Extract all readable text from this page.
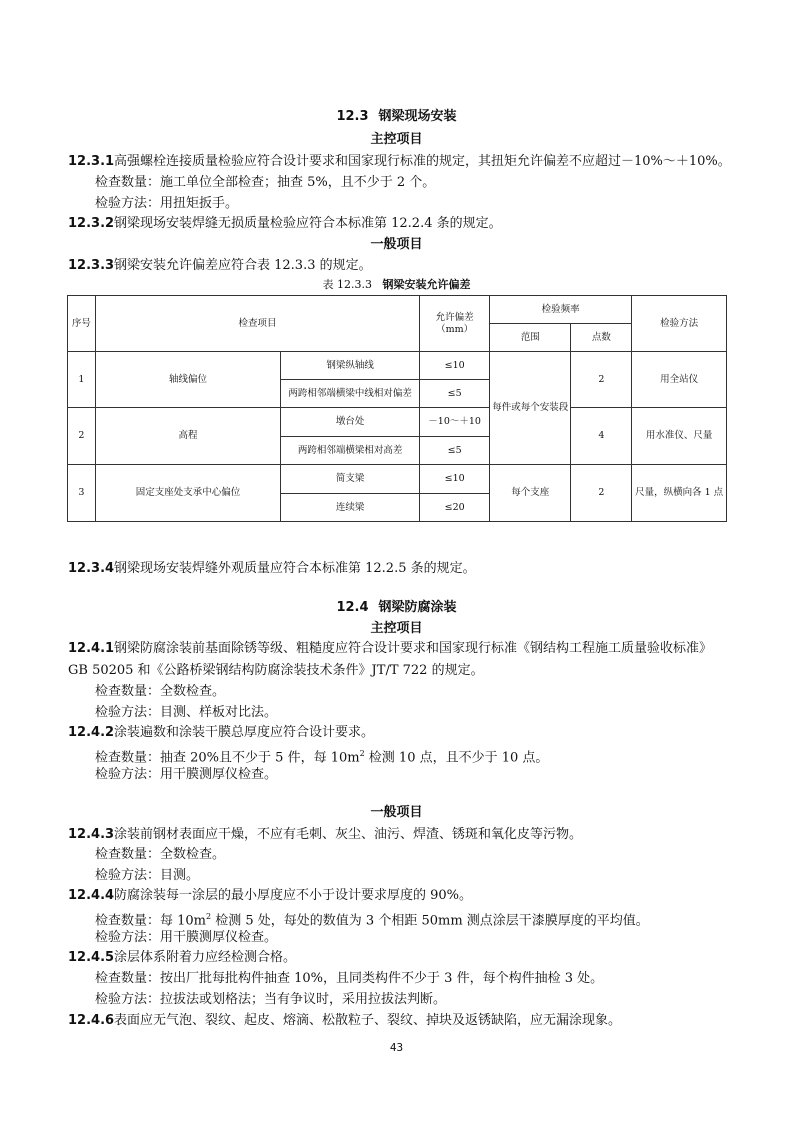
12.3 钢梁现场安装
主控项目
12.3.1高强螺栓连接质量检验应符合设计要求和国家现行标准的规定，其扭矩允许偏差不应超过－10%～＋10%。
检查数量：施工单位全部检查；抽查 5%，且不少于 2 个。
检验方法：用扭矩扳手。
12.3.2钢梁现场安装焊缝无损质量检验应符合本标准第 12.2.4 条的规定。
一般项目
12.3.3钢梁安装允许偏差应符合表 12.3.3 的规定。
表 12.3.3 钢梁安装允许偏差
序号	检查项目		允许偏差（mm）	检验频率		检验方法
				范围	点数	
1	轴线偏位	钢梁纵轴线	≤10	每件或每个安装段	2	用全站仪
		两跨相邻端横梁中线相对偏差	≤5			
2	高程	墩台处	－10～＋10		4	用水准仪、尺量
		两跨相邻端横梁相对高差	≤5			
3	固定支座处支承中心偏位	简支梁	≤10	每个支座	2	尺量，纵横向各 1 点
		连续梁	≤20			
12.3.4钢梁现场安装焊缝外观质量应符合本标准第 12.2.5 条的规定。
12.4 钢梁防腐涂装
主控项目
12.4.1钢梁防腐涂装前基面除锈等级、粗糙度应符合设计要求和国家现行标准《钢结构工程施工质量验收标准》
GB 50205 和《公路桥梁钢结构防腐涂装技术条件》JT/T 722 的规定。
检查数量：全数检查。
检验方法：目测、样板对比法。
12.4.2涂装遍数和涂装干膜总厚度应符合设计要求。
检查数量：抽查 20%且不少于 5 件，每 $10m^2$ 检测 10 点，且不少于 10 点。
检验方法：用干膜测厚仪检查。
一般项目
12.4.3涂装前钢材表面应干燥，不应有毛刺、灰尘、油污、焊渣、锈斑和氧化皮等污物。
检查数量：全数检查。
检验方法：目测。
12.4.4防腐涂装每一涂层的最小厚度应不小于设计要求厚度的 90%。
检查数量：每 $10m^2$ 检测 5 处，每处的数值为 3 个相距 50mm 测点涂层干漆膜厚度的平均值。
检验方法：用干膜测厚仪检查。
12.4.5涂层体系附着力应经检测合格。
检查数量：按出厂批每批构件抽查 10%，且同类构件不少于 3 件，每个构件抽检 3 处。
检验方法：拉拔法或划格法；当有争议时，采用拉拔法判断。
12.4.6表面应无气泡、裂纹、起皮、熔滴、松散粒子、裂纹、掉块及返锈缺陷，应无漏涂现象。
43
